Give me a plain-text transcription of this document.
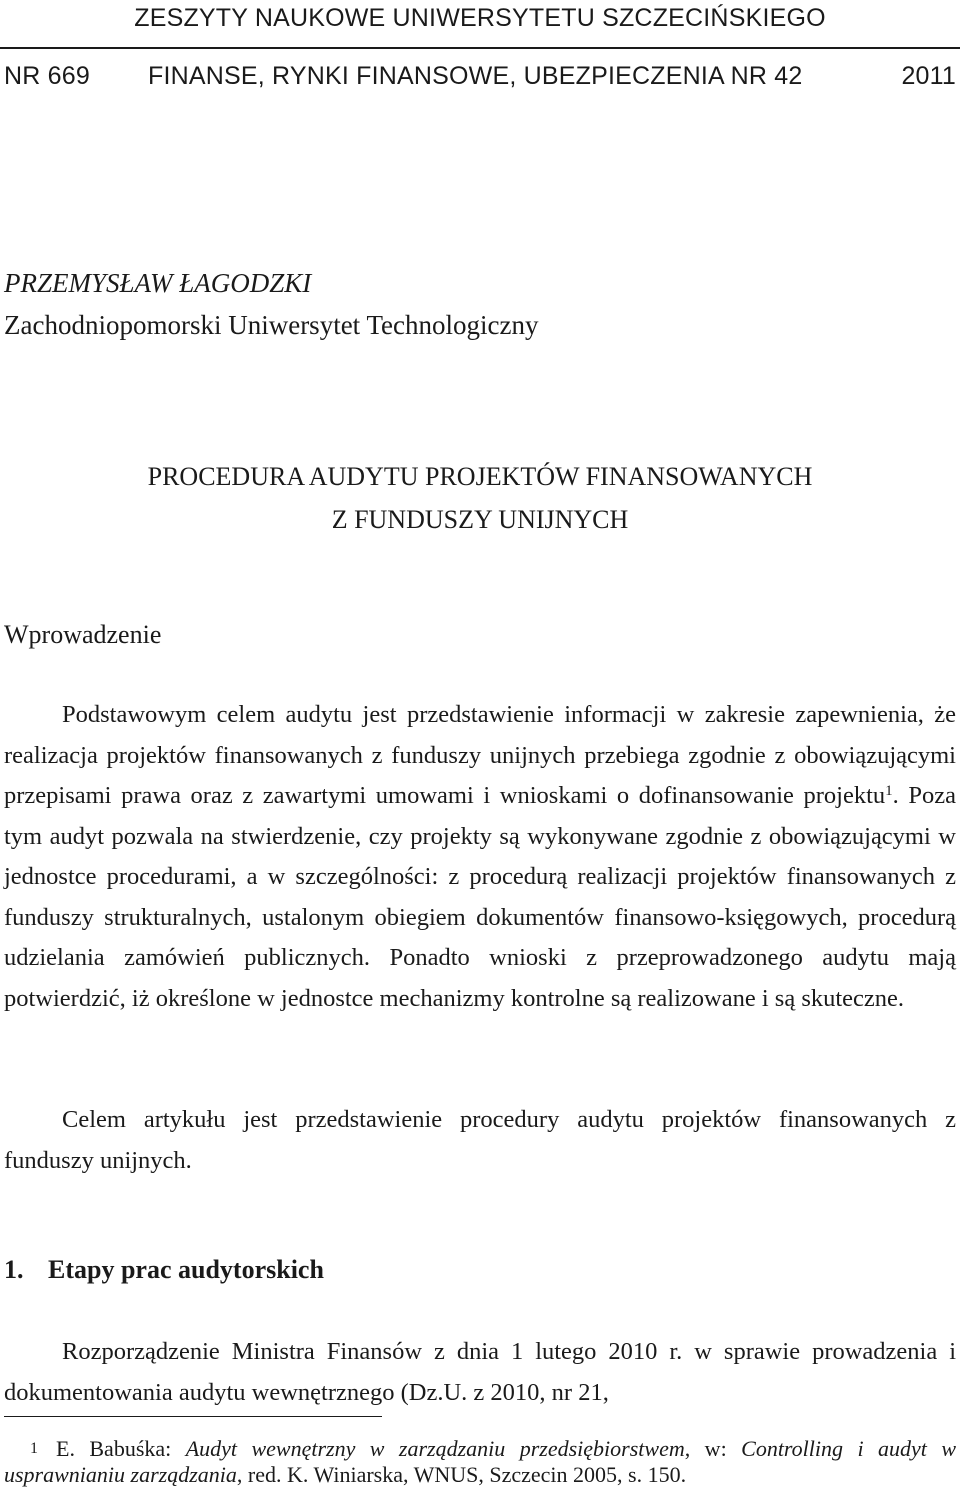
ZESZYTY NAUKOWE UNIWERSYTETU SZCZECIŃSKIEGO
NR 669 FINANSE, RYNKI FINANSOWE, UBEZPIECZENIA NR 42	2011
PRZEMYSŁAW ŁAGODZKI
Zachodniopomorski Uniwersytet Technologiczny
PROCEDURA AUDYTU PROJEKTÓW FINANSOWANYCH
Z FUNDUSZY UNIJNYCH
Wprowadzenie
Podstawowym celem audytu jest przedstawienie informacji w zakresie zapewnienia, że realizacja projektów finansowanych z funduszy unijnych przebiega zgodnie z obowiązującymi przepisami prawa oraz z zawartymi umowami i wnioskami o dofinansowanie projektu$^1$. Poza tym audyt pozwala na stwierdzenie, czy projekty są wykonywane zgodnie z obowiązującymi w jednostce procedurami, a w szczególności: z procedurą realizacji projektów finansowanych z funduszy strukturalnych, ustalonym obiegiem dokumentów finansowo-księgowych, procedurą udzielania zamówień publicznych. Ponadto wnioski z przeprowadzonego audytu mają potwierdzić, iż określone w jednostce mechanizmy kontrolne są realizowane i są skuteczne.
Celem artykułu jest przedstawienie procedury audytu projektów finansowanych z funduszy unijnych.
1. Etapy prac audytorskich
Rozporządzenie Ministra Finansów z dnia 1 lutego 2010 r. w sprawie prowadzenia i dokumentowania audytu wewnętrznego (Dz.U. z 2010, nr 21,
1 E. Babuśka: Audyt wewnętrzny w zarządzaniu przedsiębiorstwem, w: Controlling i audyt w usprawnianiu zarządzania, red. K. Winiarska, WNUS, Szczecin 2005, s. 150.
